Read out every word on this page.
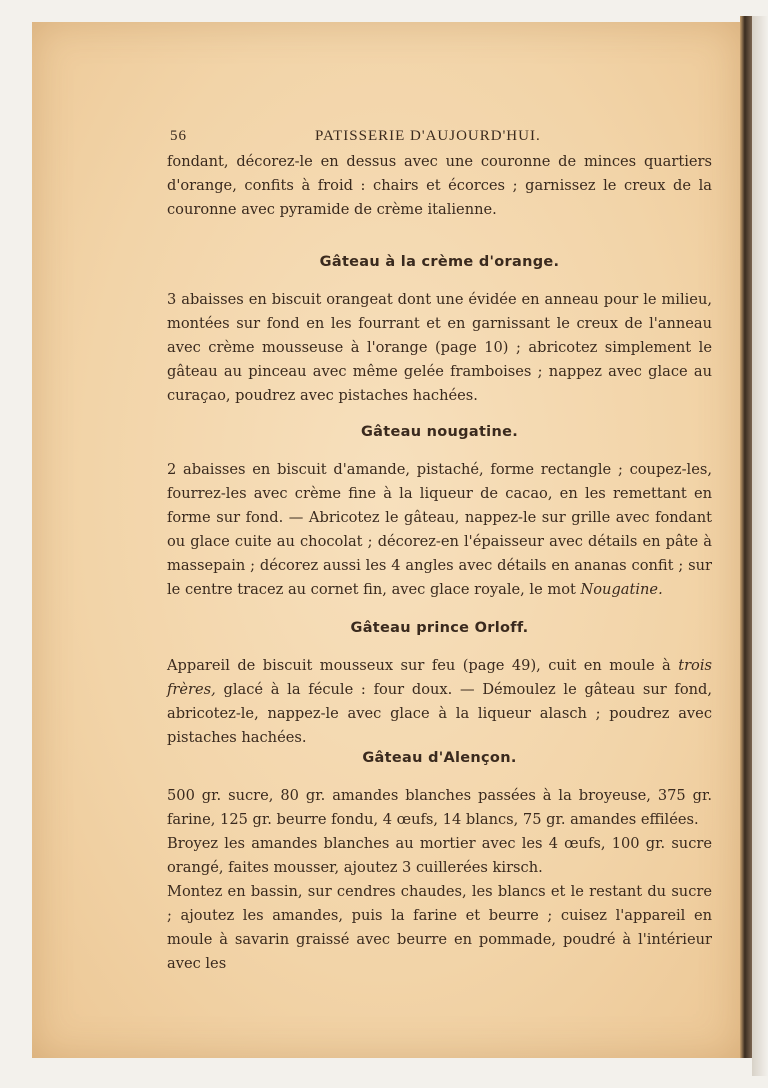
56	PATISSERIE D'AUJOURD'HUI.
fondant, décorez-le en dessus avec une couronne de minces quartiers d'orange, confits à froid : chairs et écorces ; garnissez le creux de la couronne avec pyramide de crème italienne.
Gâteau à la crème d'orange.
3 abaisses en biscuit orangeat dont une évidée en anneau pour le milieu, montées sur fond en les fourrant et en garnissant le creux de l'anneau avec crème mousseuse à l'orange (page 10) ; abricotez simplement le gâteau au pinceau avec même gelée framboises ; nappez avec glace au curaçao, poudrez avec pistaches hachées.
Gâteau nougatine.
2 abaisses en biscuit d'amande, pistaché, forme rectangle ; coupez-les, fourrez-les avec crème fine à la liqueur de cacao, en les remettant en forme sur fond. — Abricotez le gâteau, nappez-le sur grille avec fondant ou glace cuite au chocolat ; décorez-en l'épaisseur avec détails en pâte à massepain ; décorez aussi les 4 angles avec détails en ananas confit ; sur le centre tracez au cornet fin, avec glace royale, le mot Nougatine.
Gâteau prince Orloff.
Appareil de biscuit mousseux sur feu (page 49), cuit en moule à trois frères, glacé à la fécule : four doux. — Démoulez le gâteau sur fond, abricotez-le, nappez-le avec glace à la liqueur alasch ; poudrez avec pistaches hachées.
Gâteau d'Alençon.

500 gr. sucre, 80 gr. amandes blanches passées à la broyeuse, 375 gr. farine, 125 gr. beurre fondu, 4 œufs, 14 blancs, 75 gr. amandes effilées.

Broyez les amandes blanches au mortier avec les 4 œufs, 100 gr. sucre orangé, faites mousser, ajoutez 3 cuillerées kirsch.

Montez en bassin, sur cendres chaudes, les blancs et le restant du sucre ; ajoutez les amandes, puis la farine et beurre ; cuisez l'appareil en moule à savarin graissé avec beurre en pommade, poudré à l'intérieur avec les
